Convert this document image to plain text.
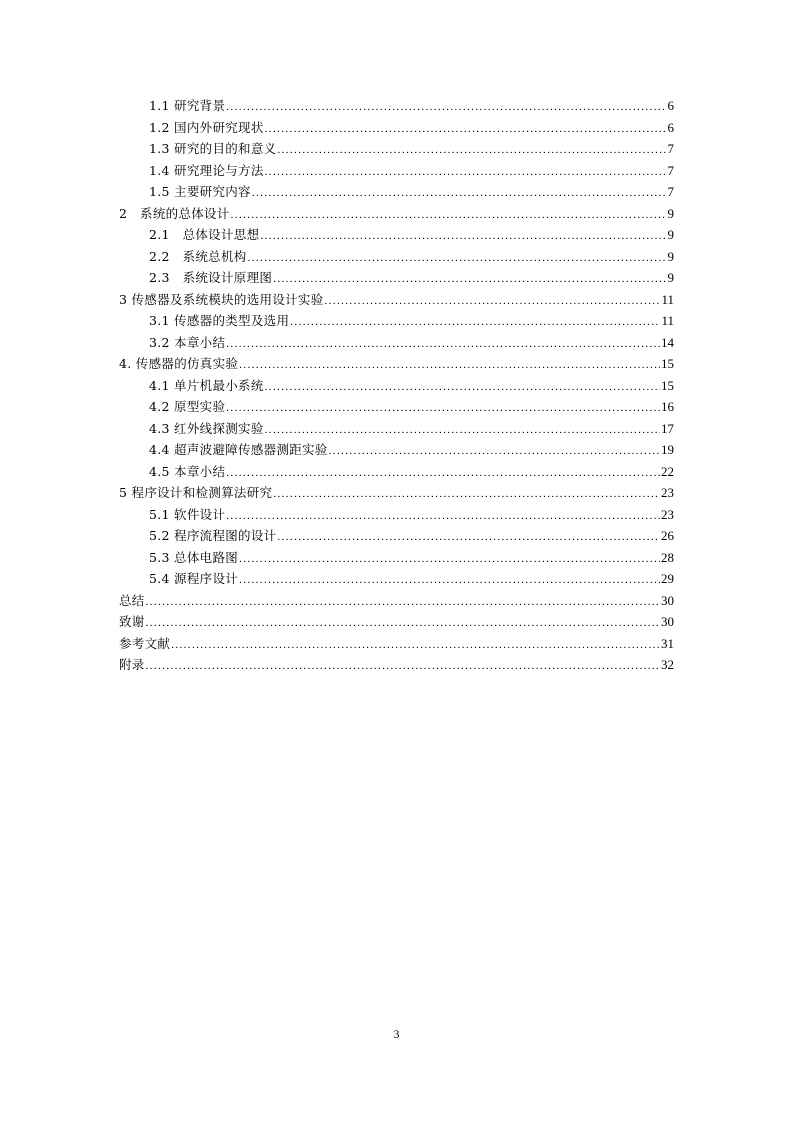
1.1 研究背景 .....	6
1.2 国内外研究现状 .....	6
1.3 研究的目的和意义 .....	7
1.4 研究理论与方法 .....	7
1.5 主要研究内容 .....	7
2　系统的总体设计 .....	9
2.1　总体设计思想 .....	9
2.2　系统总机构 .....	9
2.3　系统设计原理图 .....	9
3 传感器及系统模块的选用设计实验 .....	11
3.1 传感器的类型及选用 .....	11
3.2 本章小结 .....	14
4. 传感器的仿真实验 .....	15
4.1 单片机最小系统 .....	15
4.2 原型实验 .....	16
4.3 红外线探测实验 .....	17
4.4 超声波避障传感器测距实验 .....	19
4.5 本章小结 .....	22
5 程序设计和检测算法研究 .....	23
5.1 软件设计 .....	23
5.2 程序流程图的设计 .....	26
5.3 总体电路图 .....	28
5.4 源程序设计 .....	29
总结 .....	30
致谢 .....	30
参考文献 .....	31
附录 .....	32
3
